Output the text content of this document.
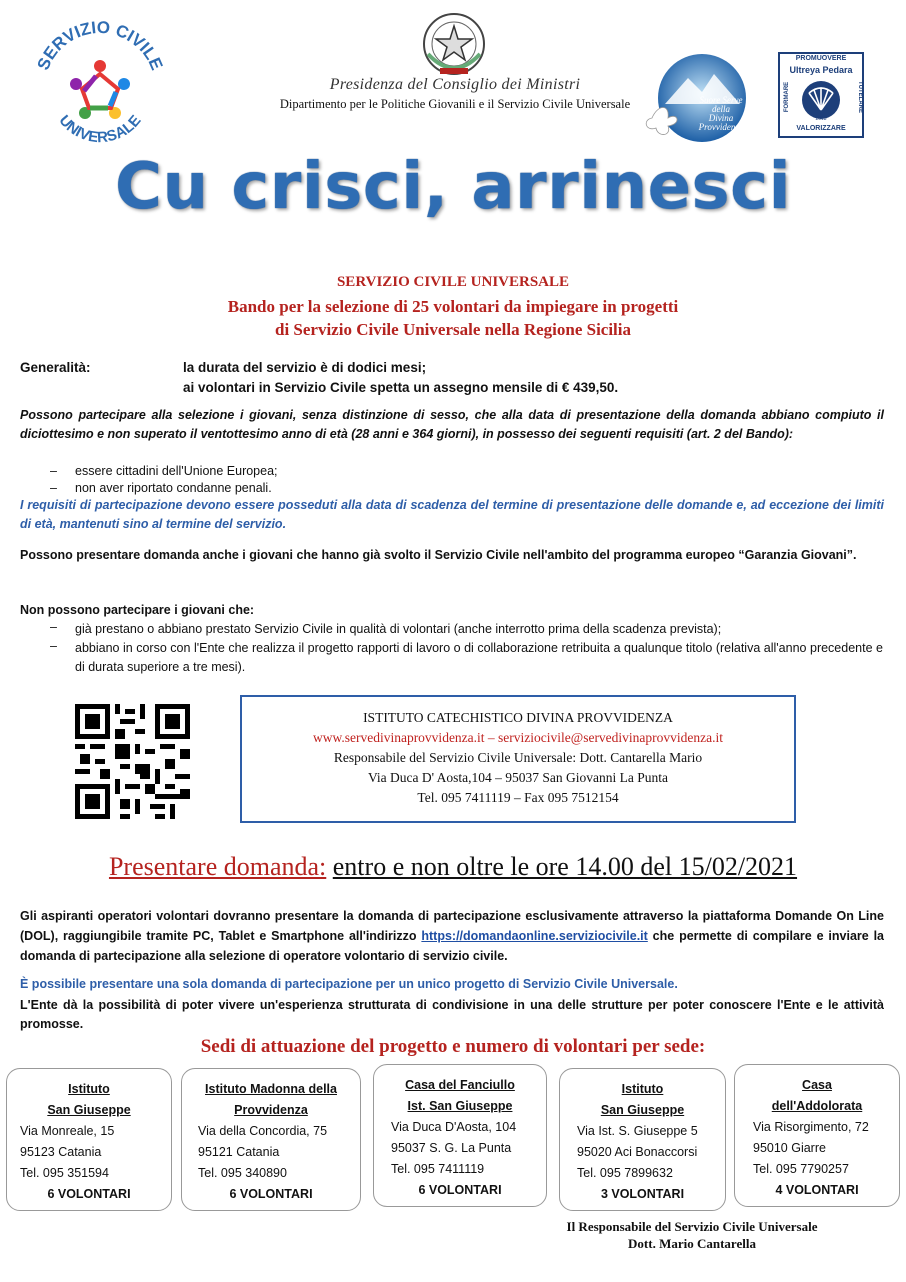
SERVIZIO CIVILE
UNIVERSALE
Presidenza del Consiglio dei Ministri
Dipartimento per le Politiche Giovanili e il Servizio Civile Universale	Suore Serve
della
Divina
Provvidenza
PROMUOVERE
Ultreya Pedara
FORMARE	TUTELARE
2013
VALORIZZARE
Cu crisci, arrinesci
SERVIZIO CIVILE UNIVERSALE
Bando per la selezione di 25 volontari da impiegare in progetti
di Servizio Civile Universale nella Regione Sicilia
Generalità:	la durata del servizio è di dodici mesi;
ai volontari in Servizio Civile spetta un assegno mensile di € 439,50.
Possono partecipare alla selezione i giovani, senza distinzione di sesso, che alla data di presentazione della domanda abbiano compiuto il diciottesimo e non superato il ventottesimo anno di età (28 anni e 364 giorni), in possesso dei seguenti requisiti (art. 2 del Bando):
– essere cittadini dell'Unione Europea;
– non aver riportato condanne penali.
I requisiti di partecipazione devono essere posseduti alla data di scadenza del termine di presentazione delle domande e, ad eccezione dei limiti di età, mantenuti sino al termine del servizio.
Possono presentare domanda anche i giovani che hanno già svolto il Servizio Civile nell'ambito del programma europeo “Garanzia Giovani”.
Non possono partecipare i giovani che:
– già prestano o abbiano prestato Servizio Civile in qualità di volontari (anche interrotto prima della scadenza prevista);
– abbiano in corso con l'Ente che realizza il progetto rapporti di lavoro o di collaborazione retribuita a qualunque titolo (relativa all'anno precedente e di durata superiore a tre mesi).
ISTITUTO CATECHISTICO DIVINA PROVVIDENZA
www.servedivinaprovvidenza.it – serviziocivile@servedivinaprovvidenza.it
Responsabile del Servizio Civile Universale: Dott. Cantarella Mario
Via Duca D' Aosta,104 – 95037 San Giovanni La Punta
Tel. 095 7411119 – Fax 095 7512154
Presentare domanda: entro e non oltre le ore 14.00 del 15/02/2021
Gli aspiranti operatori volontari dovranno presentare la domanda di partecipazione esclusivamente attraverso la piattaforma Domande On Line (DOL), raggiungibile tramite PC, Tablet e Smartphone all'indirizzo https://domandaonline.serviziocivile.it che permette di compilare e inviare la domanda di partecipazione alla selezione di operatore volontario di servizio civile.
È possibile presentare una sola domanda di partecipazione per un unico progetto di Servizio Civile Universale.
L'Ente dà la possibilità di poter vivere un'esperienza strutturata di condivisione in una delle strutture per poter conoscere l'Ente e le attività promosse.
Sedi di attuazione del progetto e numero di volontari per sede:
Istituto
San Giuseppe
Via Monreale, 15
95123 Catania
Tel. 095 351594
6 VOLONTARI
Istituto Madonna della
Provvidenza
Via della Concordia, 75
95121 Catania
Tel. 095 340890
6 VOLONTARI
Casa del Fanciullo
Ist. San Giuseppe
Via Duca D'Aosta, 104
95037 S. G. La Punta
Tel. 095 7411119
6 VOLONTARI
Istituto
San Giuseppe
Via Ist. S. Giuseppe 5
95020 Aci Bonaccorsi
Tel. 095 7899632
3 VOLONTARI
Casa
dell'Addolorata
Via Risorgimento, 72
95010 Giarre
Tel. 095 7790257
4 VOLONTARI
Il Responsabile del Servizio Civile Universale
Dott. Mario Cantarella
